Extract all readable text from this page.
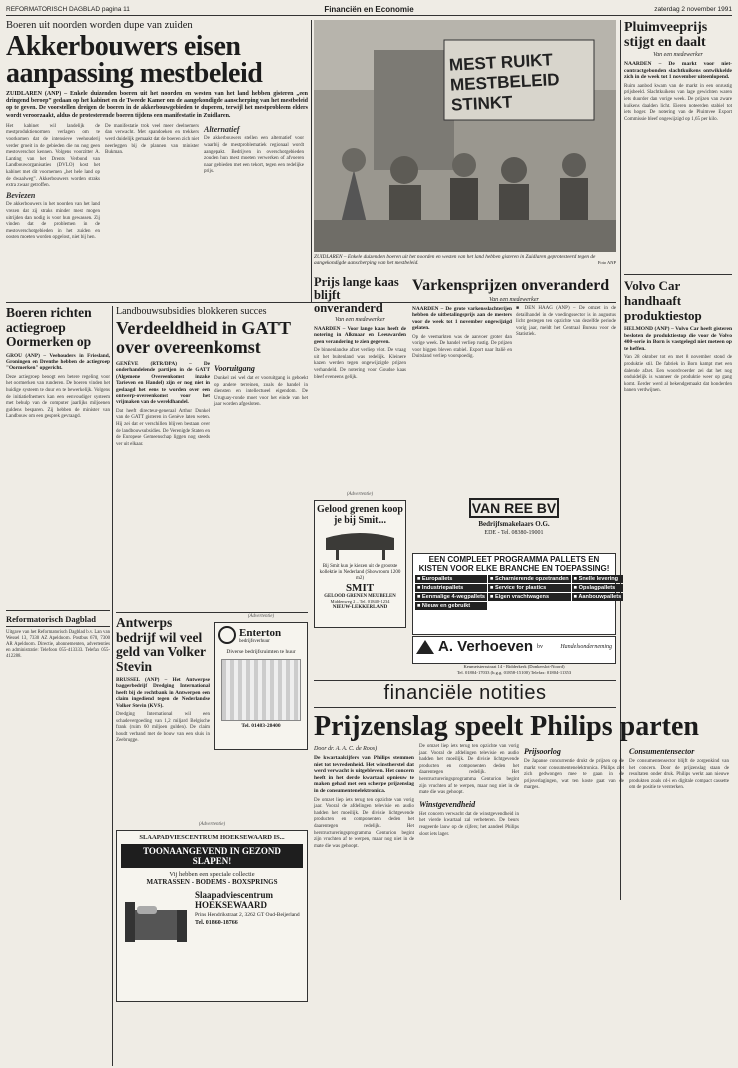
REFORMATORISCH DAGBLAD pagina 11	Financiën en Economie	zaterdag 2 november 1991
Boeren uit noorden worden dupe van zuiden
Akkerbouwers eisen aanpassing mestbeleid
ZUIDLAREN (ANP) – Enkele duizenden boeren uit het noorden en westen van het land hebben gisteren „een dringend beroep” gedaan op het kabinet en de Tweede Kamer om de aangekondigde aanscherping van het mestbeleid op te geven. De voorstellen dreigen de boeren in de akkerbouwgebieden te duperen, terwijl het mestprobleem elders wordt veroorzaakt, aldus de protesterende boeren tijdens een manifestatie in Zuidlaren.

Het kabinet wil landelijk de mestproduktienormen verlagen om te voorkomen dat de intensieve veehouderij verder groeit in de gebieden die nu nog geen mestoverschot kennen. Volgens voorzitter A. Lanting van het Drents Verbond van Landbouworganisaties (DVLO) kost het kabinet met dit voornemen „het hele land op de dwaalweg”. Akkerbouwers worden straks extra zwaar getroffen.

Beviezen

De akkerbouwers in het noorden van het land vrezen dat zij straks minder mest mogen uitrijden dan nodig is voor hun gewassen. Zij vinden dat de problemen in de mestoverschotgebieden in het zuiden en oosten moeten worden opgelost, niet bij hen.

De manifestatie trok veel meer deelnemers dan verwacht. Met spandoeken en trekkers werd duidelijk gemaakt dat de boeren zich niet neerleggen bij de plannen van minister Bukman.

Alternatief

De akkerbouwers stellen een alternatief voor waarbij de mestproblematiek regionaal wordt aangepakt. Bedrijven in overschotgebieden zouden hun mest moeten verwerken of afvoeren naar gebieden met een tekort, tegen een redelijke prijs.

MEST RUIKT MESTBELEID STINKT
ZUIDLAREN – Enkele duizenden boeren uit het noorden en westen van het land hebben gisteren in Zuidlaren geprotesteerd tegen de aangekondigde aanscherping van het mestbeleid.	Foto ANP
Pluimveeprijs stijgt en daalt
Van een medewerker
NAARDEN – De markt voor niet-contractgebonden slachtkuikens ontwikkelde zich in de week tot 1 november uiteenlopend.
Ruim aanbod kwam van de markt in een onrustig prijsbeeld. Slachtkuikens van lage gewichten waren iets duurder dan vorige week. De prijzen van zware kuikens daalden licht. Eieren noteerden stabiel tot iets hoger. De notering van de Pluimvee Export Commissie bleef ongewijzigd op 1,65 per kilo.
Volvo Car handhaaft produktiestop
HELMOND (ANP) – Volvo Car heeft gisteren besloten de produktiestop die voor de Volvo 400-serie in Born is vastgelegd niet meteen op te heffen.
Van 28 oktober tot en met 8 november stond de produktie stil. De fabriek in Born kampt met een dalende afzet. Een woordvoerder zei dat het nog onduidelijk is wanneer de produktie weer op gang komt. Eerder werd al bekendgemaakt dat honderden banen verdwijnen.
Prijs lange kaas blijft onveranderd
Van een medewerker
NAARDEN – Voor lange kaas heeft de notering in Alkmaar en Leeuwarden geen verandering te zien gegeven.
De binnenlandse afzet verliep vlot. De vraag uit het buitenland was redelijk. Kleinere kazen werden tegen ongewijzigde prijzen verhandeld. De notering voor Goudse kaas bleef eveneens gelijk.
Varkensprijzen onveranderd
Van een medewerker
NAARDEN – De grote varkensslachterijen hebben de uitbetalingsprijs aan de mesters voor de week tot 1 november ongewijzigd gelaten.
Op de veemarkten was de aanvoer groter dan vorige week. De handel verliep rustig. De prijzen voor biggen bleven stabiel. Export naar Italië en Duitsland verliep voorspoedig.
■ DEN HAAG (ANP) – De omzet in de detailhandel in de voedingssector is in augustus licht gestegen ten opzichte van dezelfde periode vorig jaar, meldt het Centraal Bureau voor de Statistiek.
(Advertentie)
Gelood grenen koop je bij Smit...
Bij Smit kun je kiezen uit de grootste kollektie in Nederland (Showroom 1200 m2)
SMIT
GELOOD GRENEN MEUBELEN
Middenweg 2 – Tel. 01840-1234
NIEUW-LEKKERLAND
VAN REE BV
Bedrijfsmakelaars O.G.
EDE - Tel. 08380-19001
EEN COMPLEET PROGRAMMA PALLETS EN KISTEN VOOR ELKE BRANCHE EN TOEPASSING!
■ Europallets	■ Scharnierende opzetranden ■ Snelle levering
■ Industriepallets	■ Service for plastics	■ Opslagpallets
■ Eenmalige 4-wegpallets ■ Eigen vrachtwagens	■ Aanbouwpallets
■ Nieuw en gebruikt
A. Verhoeven bv	Handelsonderneming
Keumeistersstraat 14 - Ridderkerk (Donkerslot-Noord)
Tel. 01804-17033 (b.g.g. 01858-15100) Telefax: 01804-11353
financiële notities
Boeren richten actiegroep Oormerken op
GROU (ANP) – Veehouders in Friesland, Groningen en Drenthe hebben de actiegroep "Oormerken" opgericht.
Deze actiegroep beoogt een betere regeling voor het oormerken van runderen. De boeren vinden het huidige systeem te duur en te bewerkelijk. Volgens de initiatiefnemers kan een eenvoudiger systeem met behulp van de computer jaarlijks miljoenen guldens besparen. Zij hebben de minister van Landbouw om een gesprek gevraagd.
Landbouwsubsidies blokkeren succes
Verdeeldheid in GATT over overeenkomst
GENÈVE (RTR/DPA) – De onderhandelende partijen in de GATT (Algemene Overeenkomst inzake Tarieven en Handel) zijn er nog niet in geslaagd het eens te worden over een ontwerp-overeenkomst voor het vrijmaken van de wereldhandel.
Dat heeft directeur-generaal Arthur Dunkel van de GATT gisteren in Genève laten weten. Hij zei dat er verschillen blijven bestaan over de landbouwsubsidies. De Verenigde Staten en de Europese Gemeenschap liggen nog steeds ver uit elkaar.
Vooruitgang
Dunkel zei wel dat er vooruitgang is geboekt op andere terreinen, zoals de handel in diensten en intellectueel eigendom. De Uruguay-ronde moet voor het einde van het jaar worden afgesloten.
Antwerps bedrijf wil veel geld van Volker Stevin
BRUSSEL (ANP) – Het Antwerpse baggerbedrijf Dredging International heeft bij de rechtbank in Antwerpen een claim ingediend tegen de Nederlandse Volker Stevin (KVS).
Dredging International wil een schadevergoeding van 1,2 miljard Belgische frank (ruim 60 miljoen gulden). De claim houdt verband met de bouw van een sluis in Zeebrugge.
(Advertentie)
Enterton
bedrijfsverhuur
Diverse bedrijfsruimten te huur
Tel. 01483-28400
Reformatorisch Dagblad
Uitgave van het Reformatorisch Dagblad b.v. Lan van Wessel 13, 7330 AZ Apeldoorn. Postbus 670, 7300 AR Apeldoorn. Directie, abonnementen, advertenties en administratie: Telefoon 055-413333. Telefax 055-412288.
(Advertentie)
SLAAPADVIESCENTRUM HOEKSEWAARD IS...
TOONAANGEVEND IN GEZOND SLAPEN!
Vij hebben een speciale collectie
MATRASSEN - BODEMS - BOXSPRINGS
Slaapadviescentrum HOEKSEWAARD
Prins Hendrikstraat 2, 3262 GT Oud-Beijerland
Tel. 01860-18766
Prijzenslag speelt Philips parten
Door dr. A. A. C. de Roos)
De kwartaalcijfers van Philips stemmen niet tot tevredenheid. Het winstherstel dat werd verwacht is uitgebleven. Het concern heeft in het derde kwartaal opnieuw te maken gehad met een scherpe prijzenslag in de consumentenelektronica.
De omzet liep iets terug ten opzichte van vorig jaar. Vooral de afdelingen televisie en audio hadden het moeilijk. De divisie lichtgevende producten en componenten deden het daarentegen redelijk. Het herstructureringsprogramma Centurion begint zijn vruchten af te werpen, maar nog niet in de mate die was gehoopt.
De omzet liep iets terug ten opzichte van vorig jaar. Vooral de afdelingen televisie en audio hadden het moeilijk. De divisie lichtgevende producten en componenten deden het daarentegen redelijk. Het herstructureringsprogramma Centurion begint zijn vruchten af te werpen, maar nog niet in de mate die was gehoopt.
Winstgevendheid
Het concern verwacht dat de winstgevendheid in het vierde kwartaal zal verbeteren. De beurs reageerde lauw op de cijfers; het aandeel Philips sloot iets lager.
Prijsoorlog
De Japanse concurrentie drukt de prijzen op de markt voor consumentenelektronica. Philips ziet zich gedwongen mee te gaan in de prijsverlagingen, wat ten koste gaat van de marges.
Consumentensector
De consumentensector blijft de zorgenkind van het concern. Door de prijzenslag staan de resultaten onder druk. Philips werkt aan nieuwe produkten zoals cd-i en digitale compact cassette om de positie te versterken.
